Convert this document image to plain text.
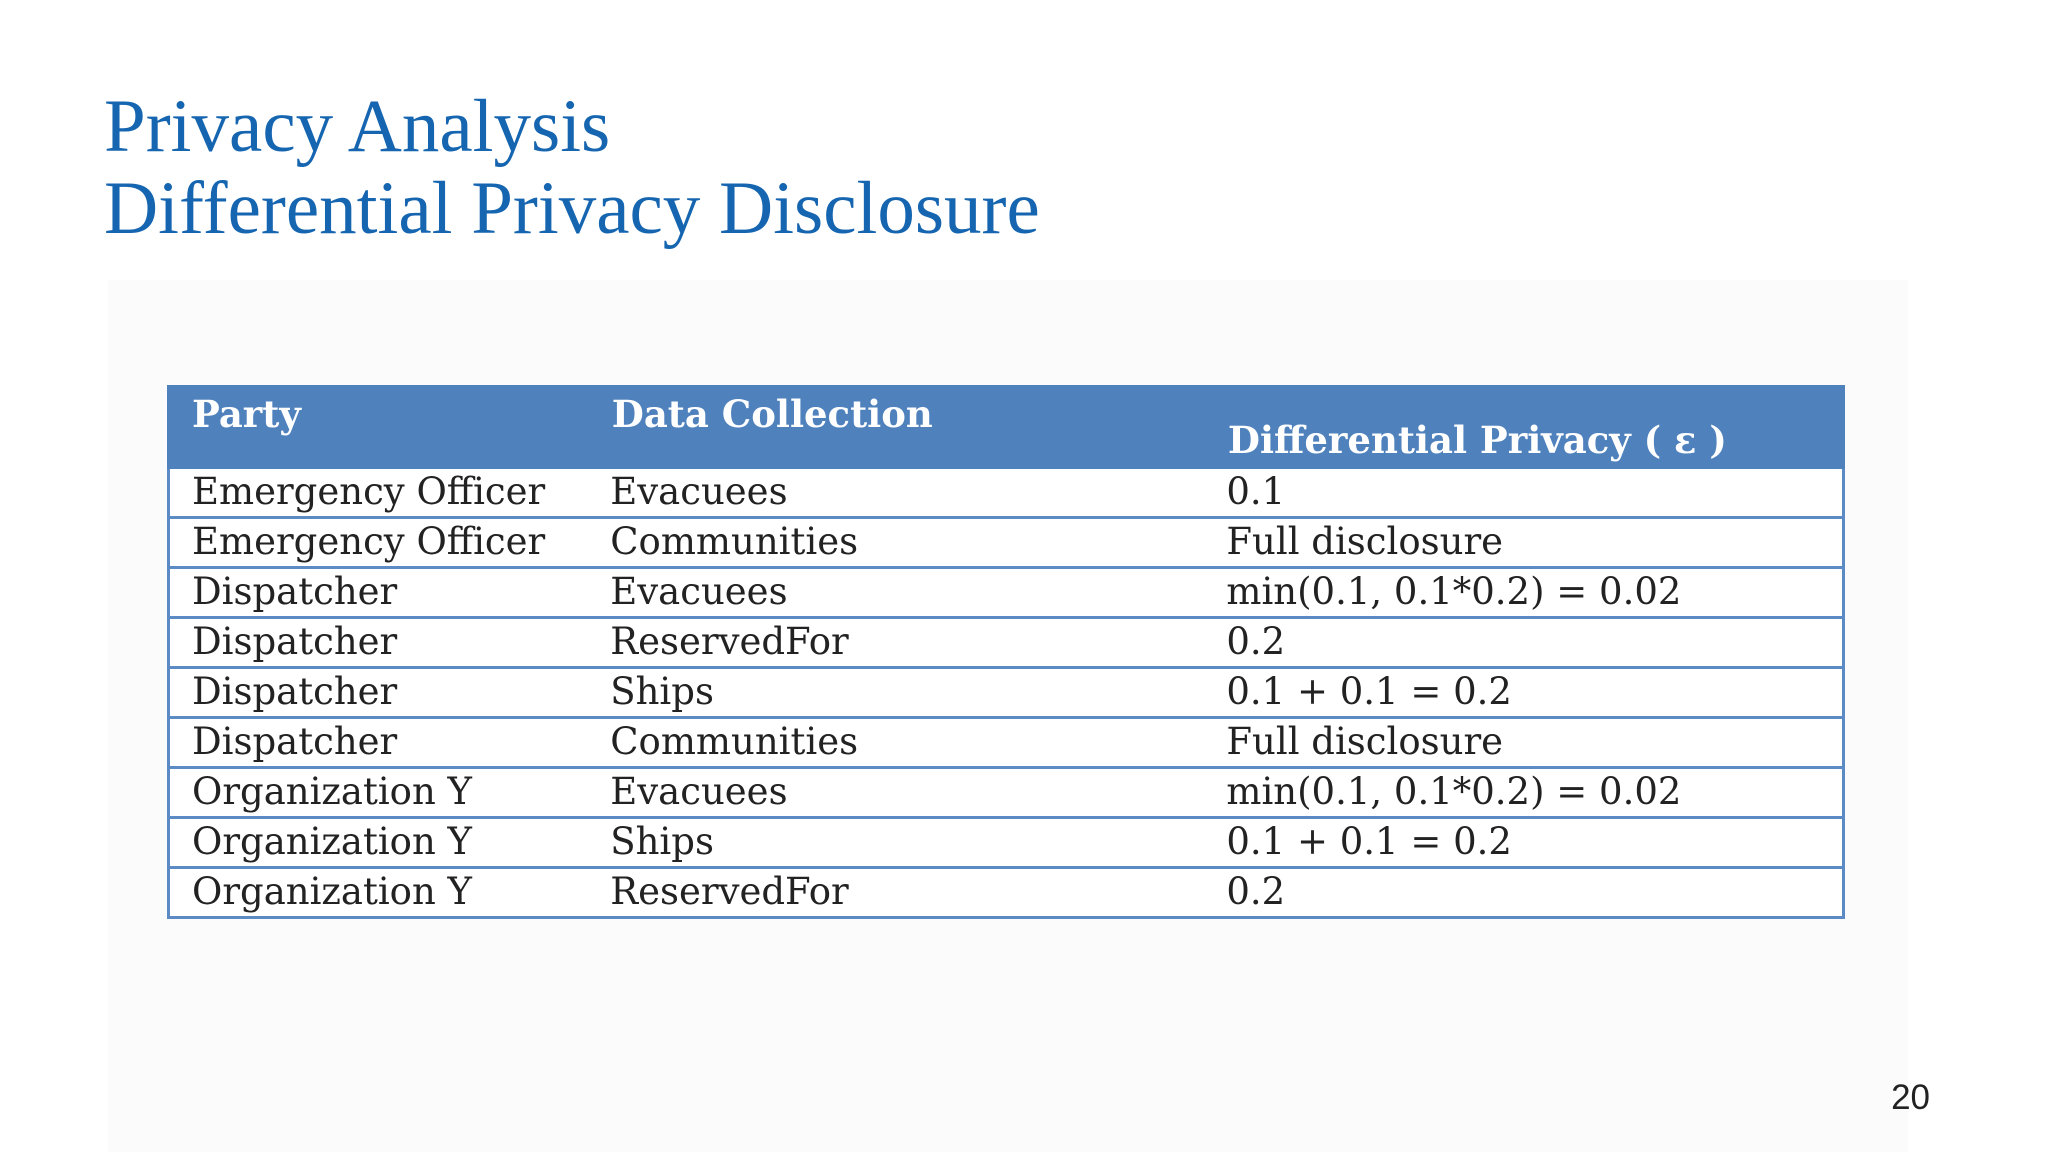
Privacy Analysis
Differential Privacy Disclosure
Party	Data Collection	Differential Privacy ( ε )
Emergency Officer	Evacuees	0.1
Emergency Officer	Communities	Full disclosure
Dispatcher	Evacuees	min(0.1, 0.1*0.2) = 0.02
Dispatcher	ReservedFor	0.2
Dispatcher	Ships	0.1 + 0.1 = 0.2
Dispatcher	Communities	Full disclosure
Organization Y	Evacuees	min(0.1, 0.1*0.2) = 0.02
Organization Y	Ships	0.1 + 0.1 = 0.2
Organization Y	ReservedFor	0.2
20
